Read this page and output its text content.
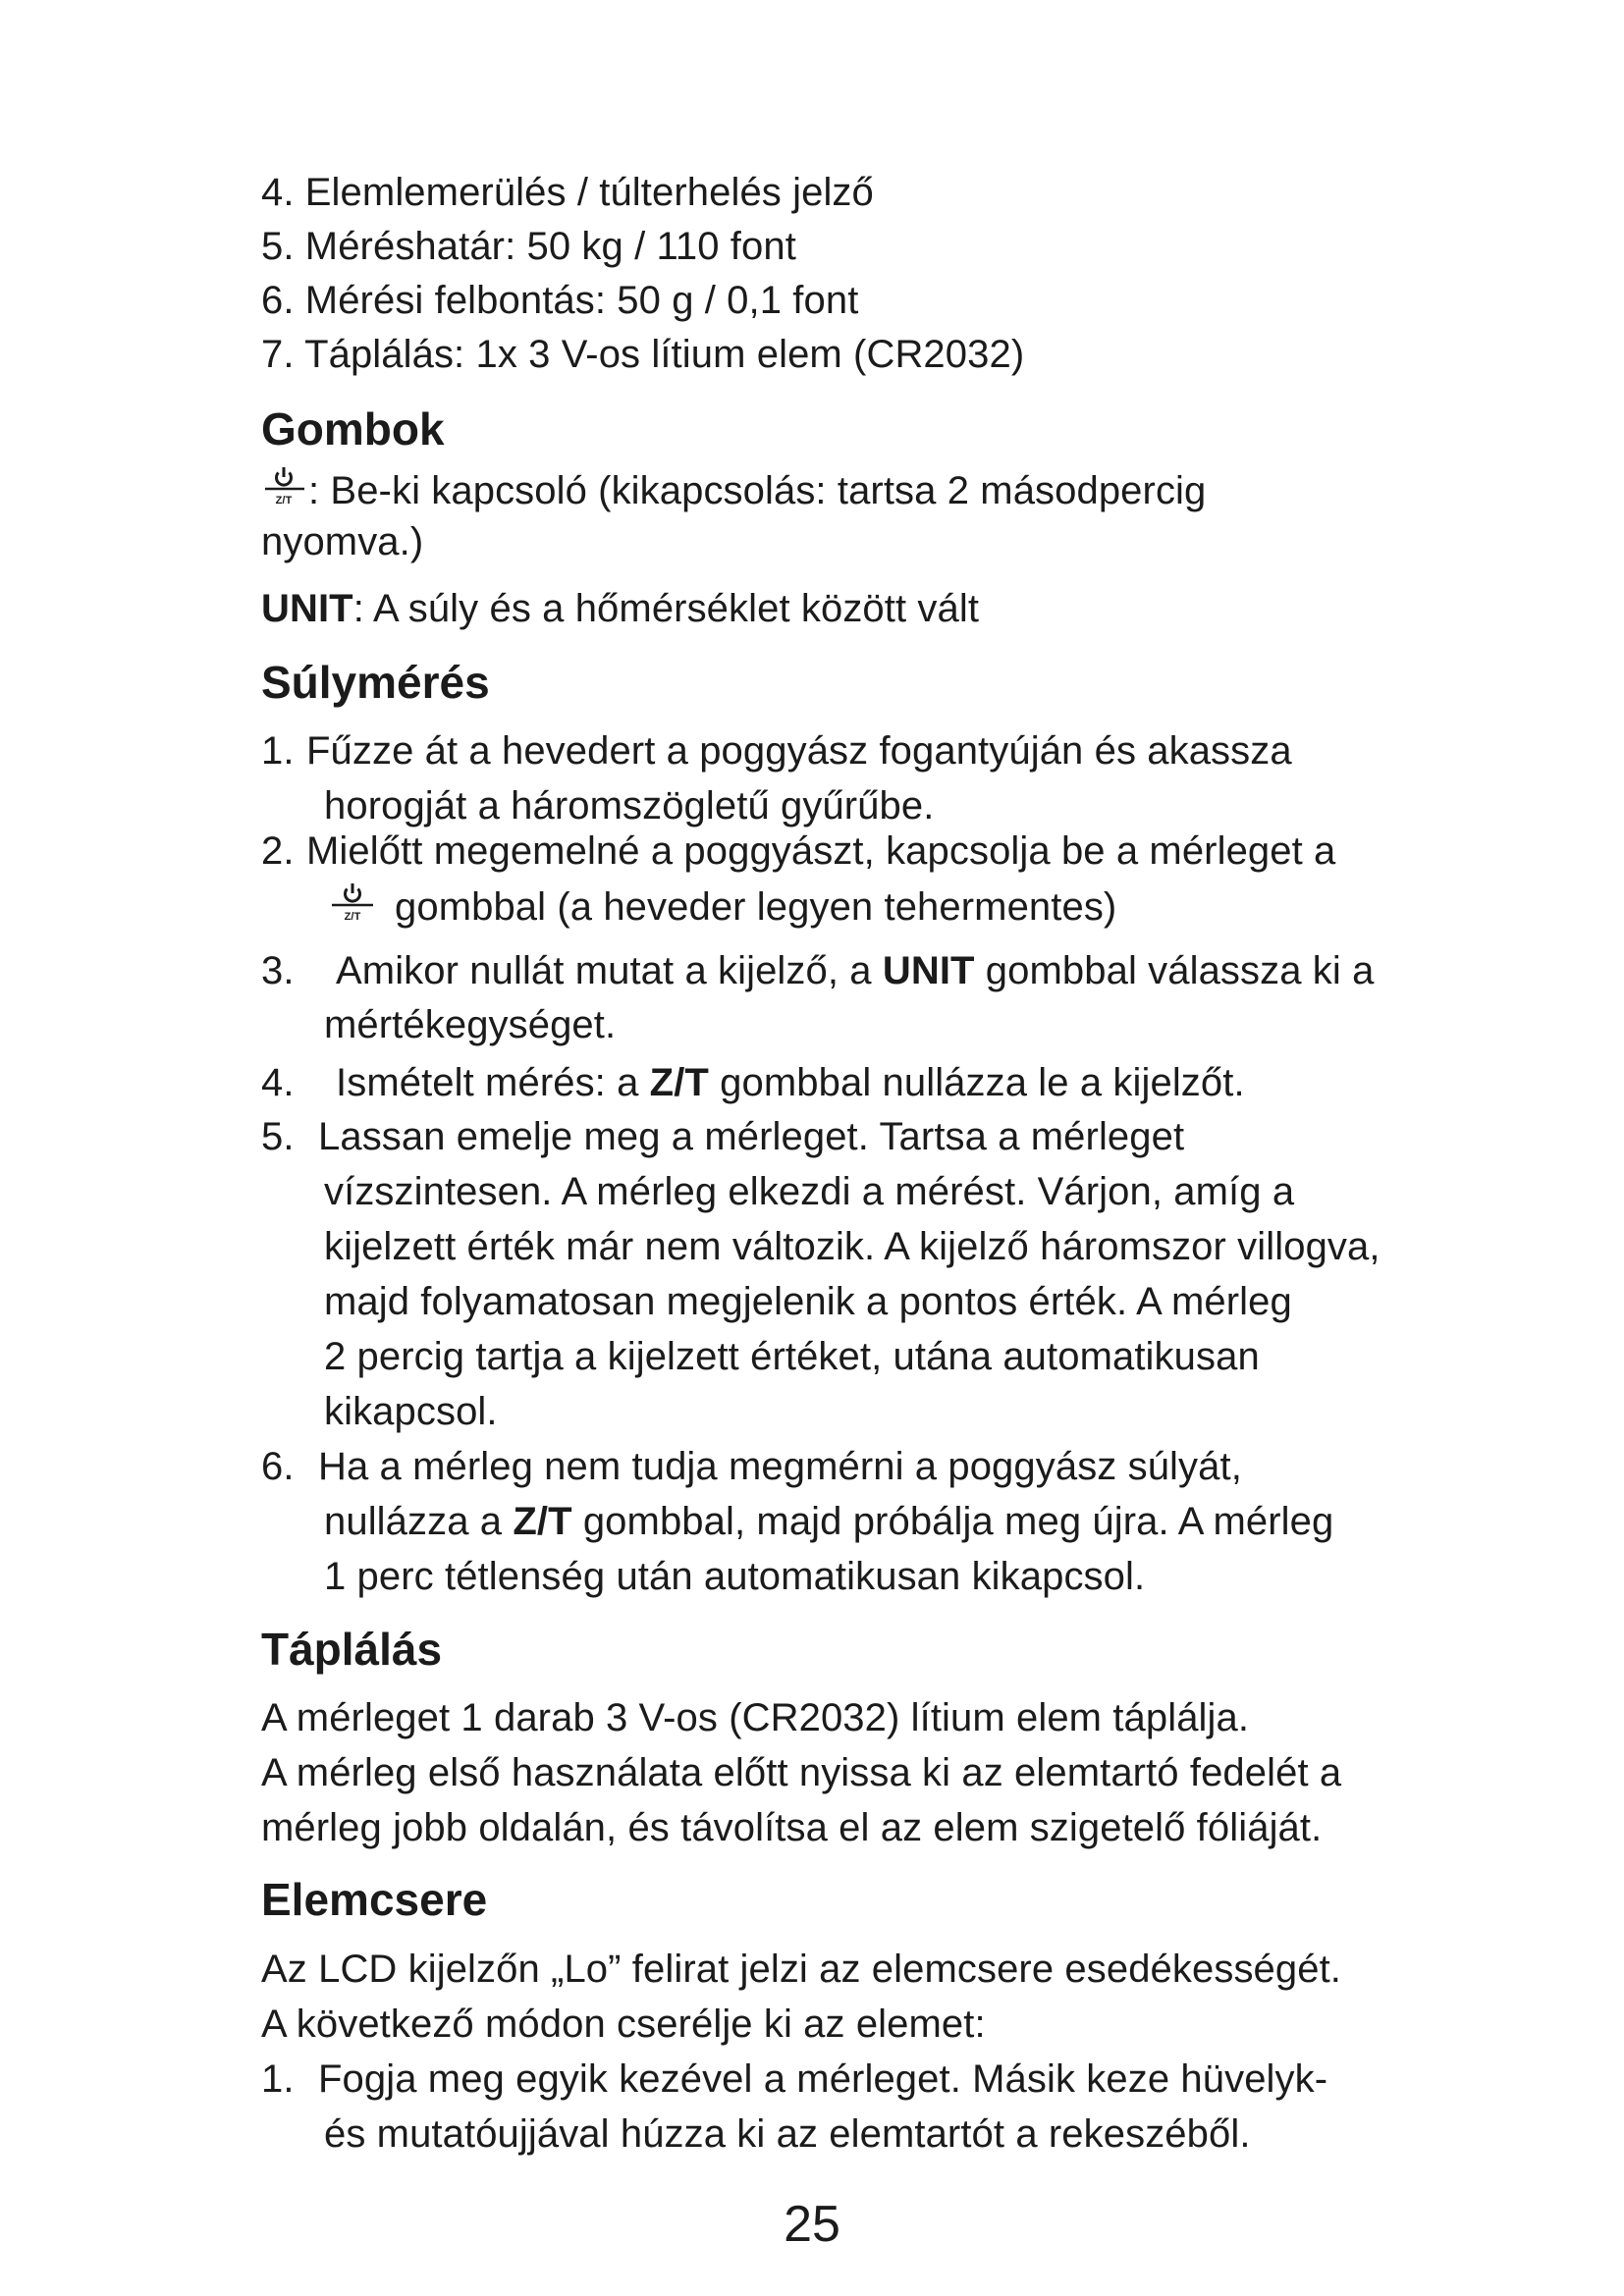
4. Elemlemerülés / túlterhelés jelző
5. Méréshatár: 50 kg / 110 font
6. Mérési felbontás: 50 g / 0,1 font
7. Táplálás: 1x 3 V-os lítium elem (CR2032)
Gombok
Z/T : Be-ki kapcsoló (kikapcsolás: tartsa 2 másodpercig
nyomva.)
UNIT: A súly és a hőmérséklet között vált
Súlymérés
1. Fűzze át a hevedert a poggyász fogantyúján és akassza
horogját a háromszögletű gyűrűbe.
2. Mielőtt megemelné a poggyászt, kapcsolja be a mérleget a
Z/T gombbal (a heveder legyen tehermentes)
3. Amikor nullát mutat a kijelző, a UNIT gombbal válassza ki a
mértékegységet.
4. Ismételt mérés: a Z/T gombbal nullázza le a kijelzőt.
5. Lassan emelje meg a mérleget. Tartsa a mérleget
vízszintesen. A mérleg elkezdi a mérést. Várjon, amíg a
kijelzett érték már nem változik. A kijelző háromszor villogva,
majd folyamatosan megjelenik a pontos érték. A mérleg
2 percig tartja a kijelzett értéket, utána automatikusan
kikapcsol.
6. Ha a mérleg nem tudja megmérni a poggyász súlyát,
nullázza a Z/T gombbal, majd próbálja meg újra. A mérleg
1 perc tétlenség után automatikusan kikapcsol.
Táplálás
A mérleget 1 darab 3 V-os (CR2032) lítium elem táplálja.
A mérleg első használata előtt nyissa ki az elemtartó fedelét a
mérleg jobb oldalán, és távolítsa el az elem szigetelő fóliáját.
Elemcsere
Az LCD kijelzőn „Lo” felirat jelzi az elemcsere esedékességét.
A következő módon cserélje ki az elemet:
1. Fogja meg egyik kezével a mérleget. Másik keze hüvelyk-
és mutatóujjával húzza ki az elemtartót a rekeszéből.
25
